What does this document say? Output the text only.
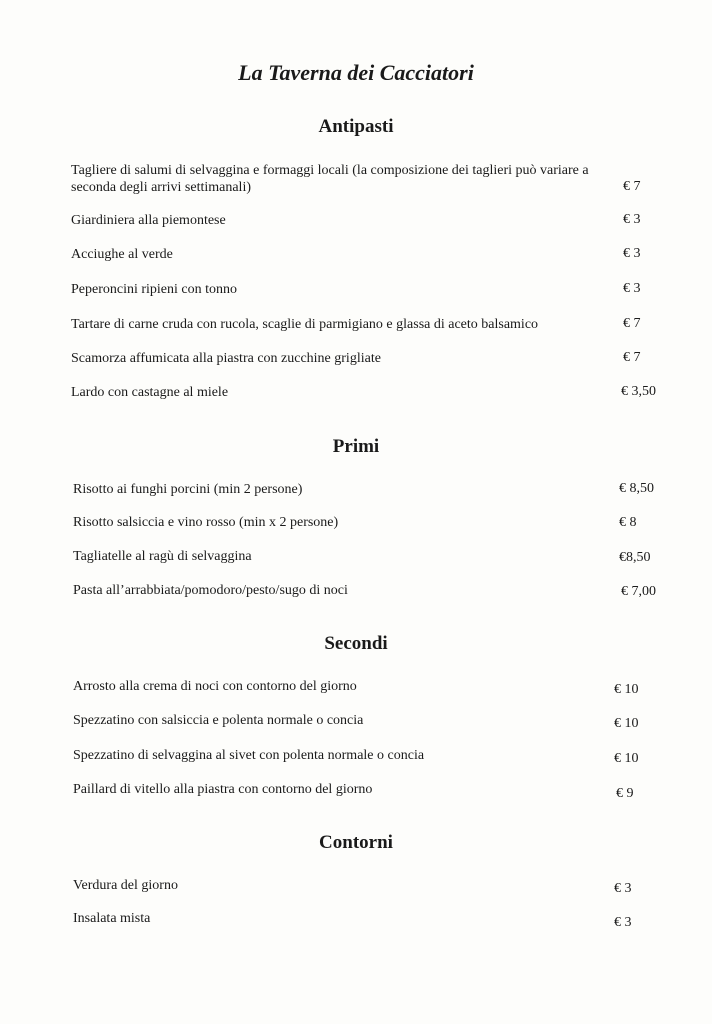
La Taverna dei Cacciatori
Antipasti
Tagliere di salumi di selvaggina e formaggi locali (la composizione dei taglieri può variare a seconda degli arrivi settimanali)	€ 7
Giardiniera alla piemontese	€ 3
Acciughe al verde	€ 3
Peperoncini ripieni con tonno	€ 3
Tartare di carne cruda con rucola, scaglie di parmigiano e glassa di aceto balsamico	€ 7
Scamorza affumicata alla piastra con zucchine grigliate	€ 7
Lardo con castagne al miele	€ 3,50
Primi
Risotto ai funghi porcini (min 2 persone)	€ 8,50
Risotto salsiccia e vino rosso (min x 2 persone)	€ 8
Tagliatelle al ragù di selvaggina	€8,50
Pasta all’arrabbiata/pomodoro/pesto/sugo di noci	€ 7,00
Secondi
Arrosto alla crema di noci con contorno del giorno	€ 10
Spezzatino con salsiccia e polenta normale o concia	€ 10
Spezzatino di selvaggina al sivet con polenta normale o concia	€ 10
Paillard di vitello alla piastra con contorno del giorno	€ 9
Contorni
Verdura del giorno	€ 3
Insalata mista	€ 3
